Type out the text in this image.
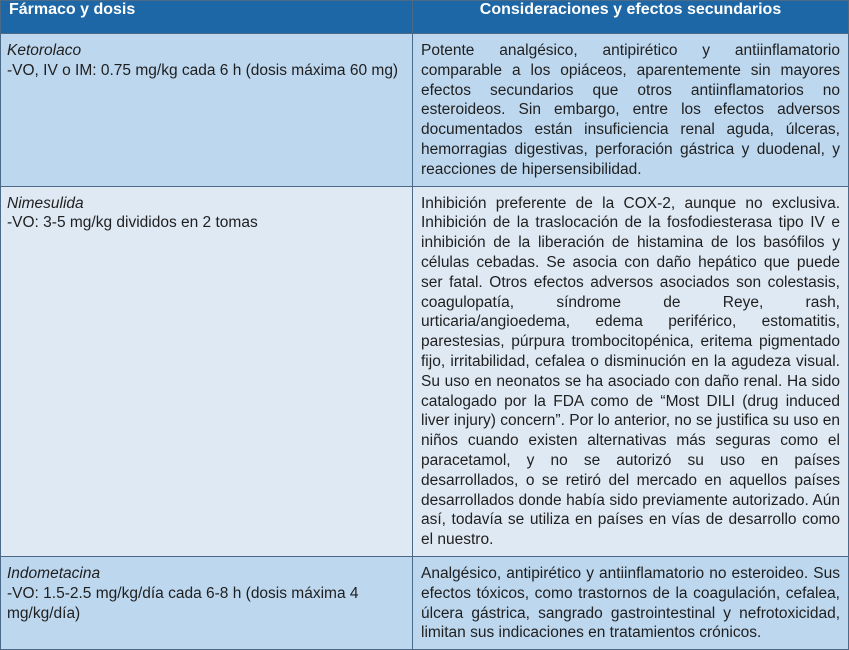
Fármaco y dosis	Consideraciones y efectos secundarios

Ketorolaco
-VO, IV o IM: 0.75 mg/kg cada 6 h (dosis máxima 60 mg)	Potente analgésico, antipirético y antiinflamatorio comparable a los opiáceos, aparentemente sin mayores efectos secundarios que otros antiinflamatorios no esteroideos. Sin embargo, entre los efectos adversos documentados están insuficiencia renal aguda, úlceras, hemorragias digestivas, perforación gástrica y duodenal, y reacciones de hipersensibilidad.

Nimesulida
-VO: 3-5 mg/kg divididos en 2 tomas	Inhibición preferente de la COX-2, aunque no exclusiva. Inhibición de la traslocación de la fosfodiesterasa tipo IV e inhibición de la liberación de histamina de los basófilos y células cebadas. Se asocia con daño hepático que puede ser fatal. Otros efectos adversos asociados son colestasis, coagulopatía, síndrome de Reye, rash, urticaria/angioedema, edema periférico, estomatitis, parestesias, púrpura trombocitopénica, eritema pigmentado fijo, irritabilidad, cefalea o disminución en la agudeza visual. Su uso en neonatos se ha asociado con daño renal. Ha sido catalogado por la FDA como de “Most DILI (drug induced liver injury) concern”. Por lo anterior, no se justifica su uso en niños cuando existen alternativas más seguras como el paracetamol, y no se autorizó su uso en países desarrollados, o se retiró del mercado en aquellos países desarrollados donde había sido previamente autorizado. Aún así, todavía se utiliza en países en vías de desarrollo como el nuestro.

Indometacina
-VO: 1.5-2.5 mg/kg/día cada 6-8 h (dosis máxima 4 mg/kg/día)	Analgésico, antipirético y antiinflamatorio no esteroideo. Sus efectos tóxicos, como trastornos de la coagulación, cefalea, úlcera gástrica, sangrado gastrointestinal y nefrotoxicidad, limitan sus indicaciones en tratamientos crónicos.
